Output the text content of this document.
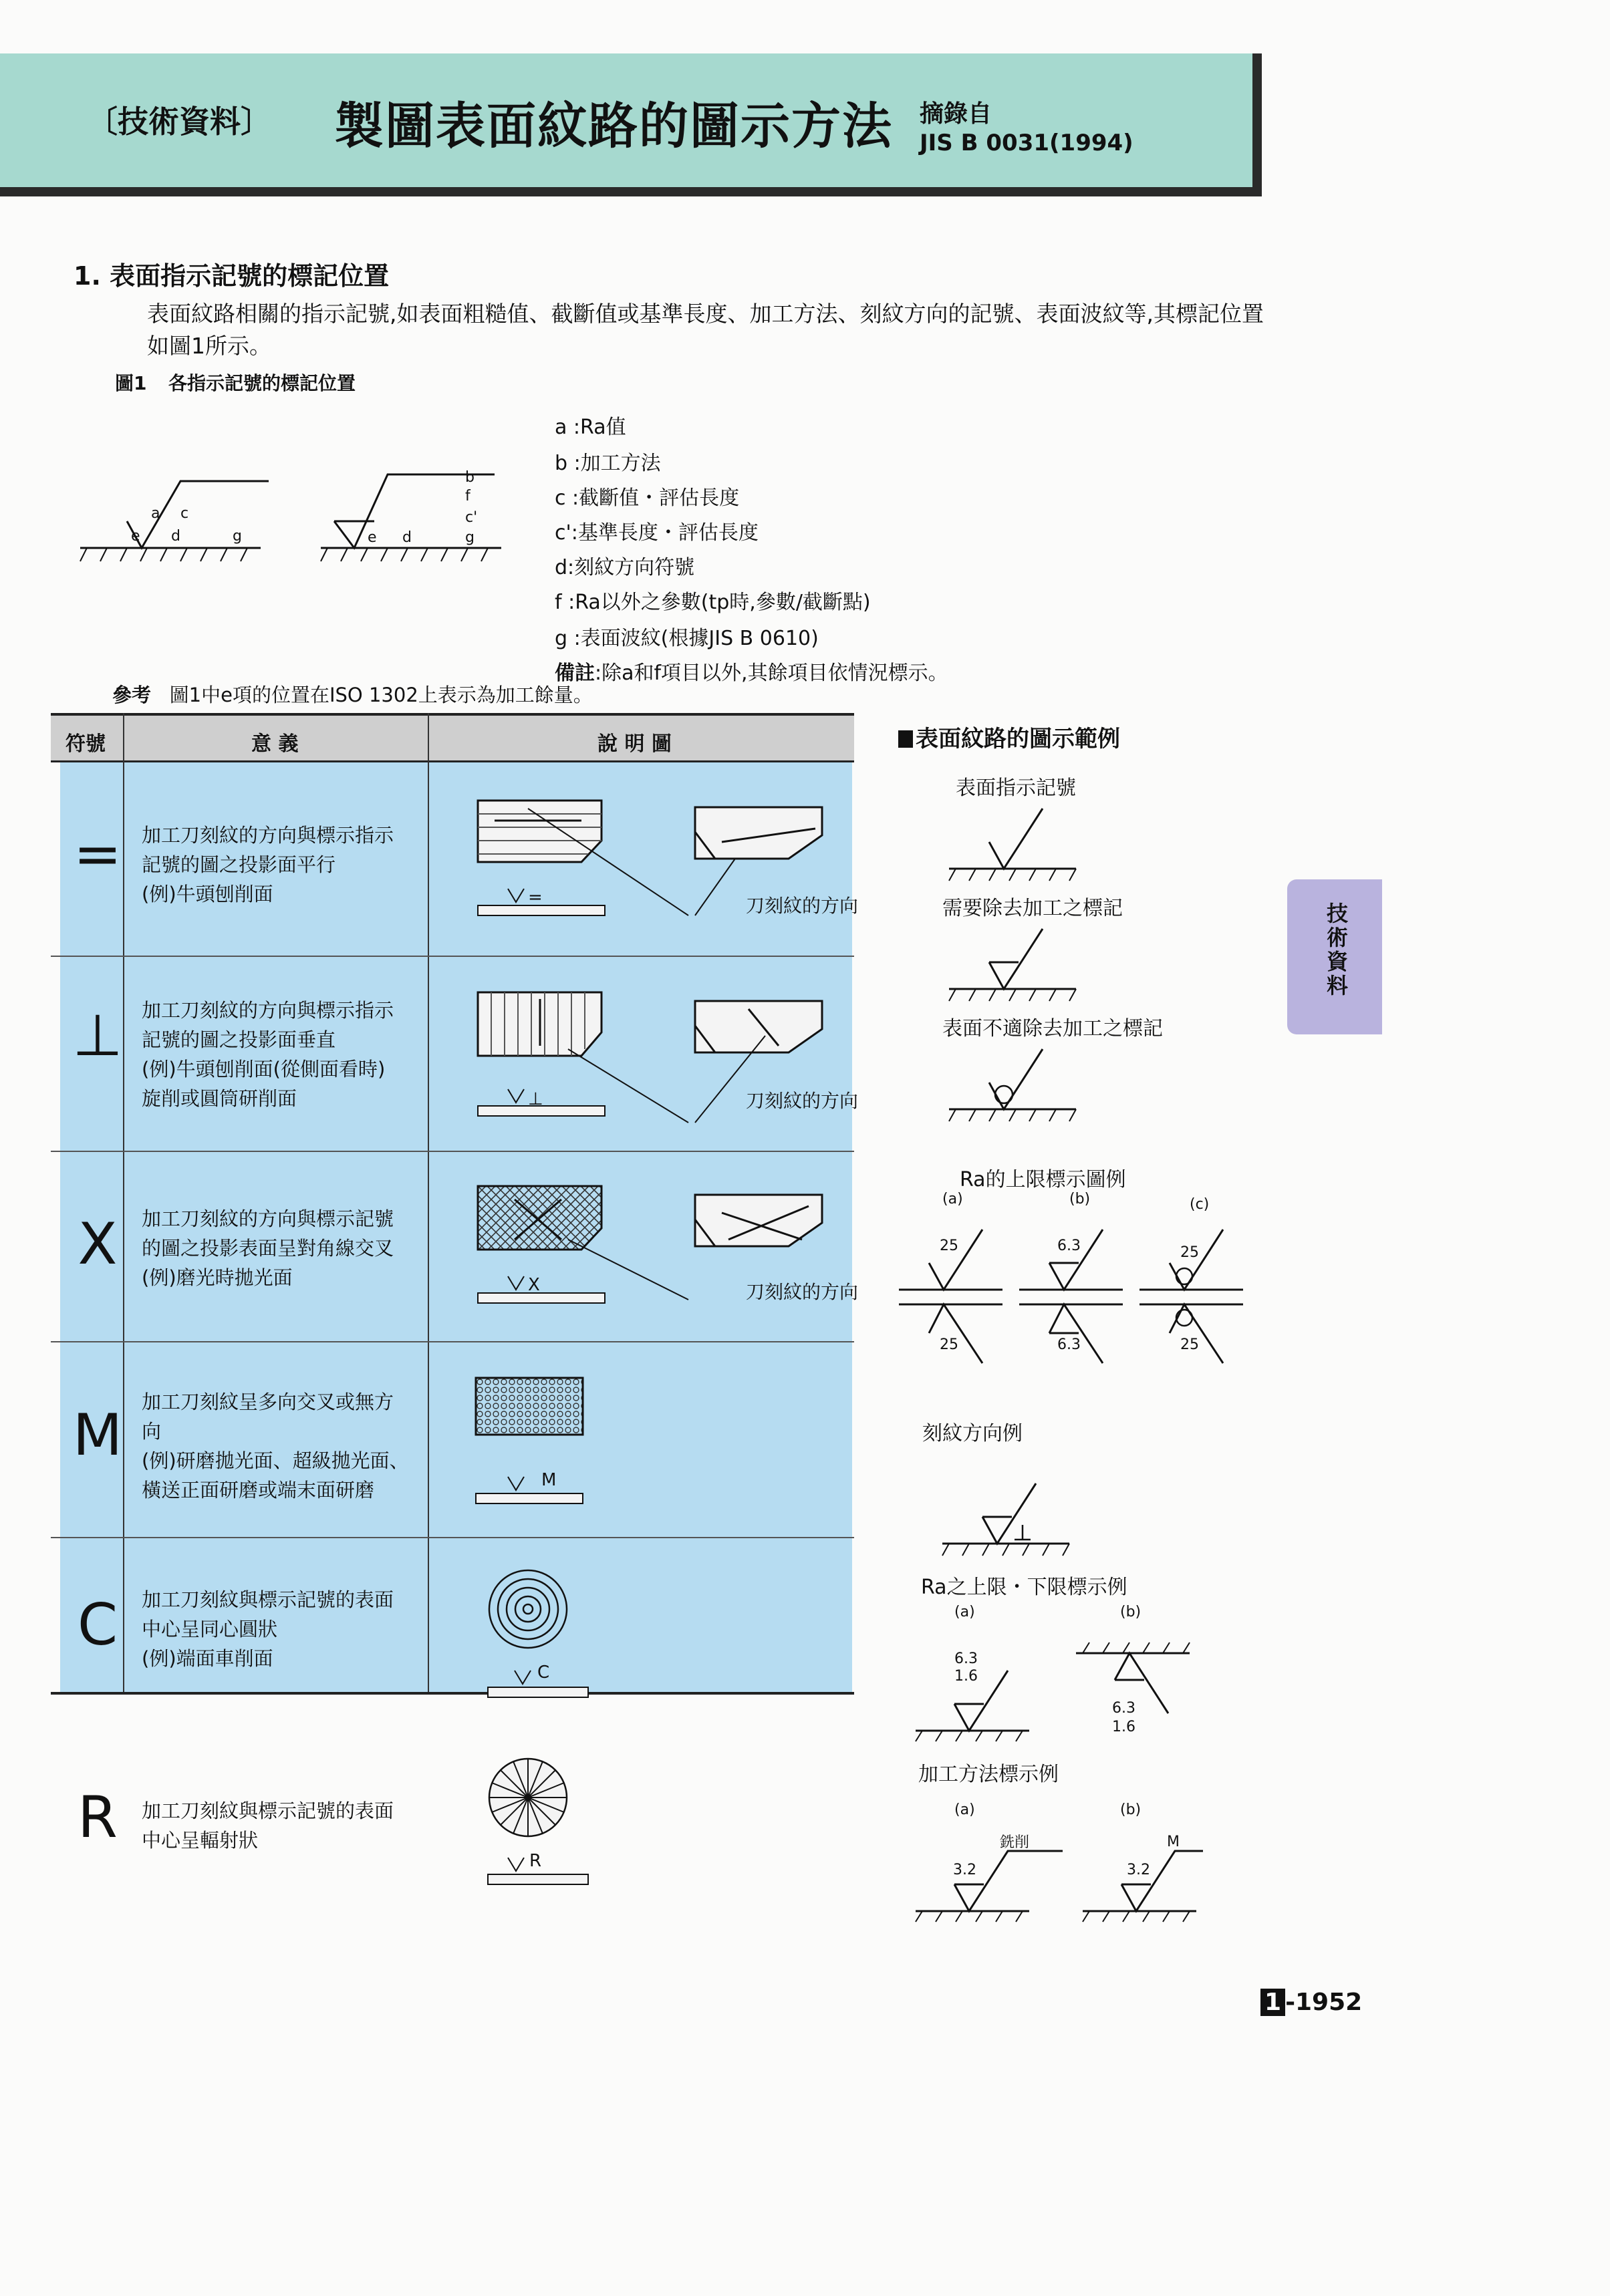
〔技術資料〕 製圖表面紋路的圖示方法 摘錄自
JIS B 0031(1994)
1. 表面指示記號的標記位置
表面紋路相關的指示記號,如表面粗糙值、截斷值或基準長度、加工方法、刻紋方向的記號、表面波紋等,其標記位置如圖1所示。
圖1 各指示記號的標記位置
a c
e d	g
b
f
c'
e d	g
a :Ra值
b :加工方法
c :截斷值・評估長度
c':基準長度・評估長度
d:刻紋方向符號
f :Ra以外之參數(tp時,參數/截斷點)
g :表面波紋(根據JIS B 0610)
備註:除a和f項目以外,其餘項目依情況標示。
參考 圖1中e項的位置在ISO 1302上表示為加工餘量。
符號	意 義	說 明 圖
=	加工刀刻紋的方向與標示指示
記號的圖之投影面平行
(例)牛頭刨削面	=	刀刻紋的方向
⊥ 加工刀刻紋的方向與標示指示
記號的圖之投影面垂直
(例)牛頭刨削面(從側面看時)
旋削或圓筒研削面	⊥	刀刻紋的方向
X	加工刀刻紋的方向與標示記號
的圖之投影表面呈對角線交叉
(例)磨光時拋光面	X	刀刻紋的方向
M 加工刀刻紋呈多向交叉或無方
向
(例)研磨拋光面、超級拋光面、
橫送正面研磨或端末面研磨	M
C	加工刀刻紋與標示記號的表面
中心呈同心圓狀
(例)端面車削面
C
R	加工刀刻紋與標示記號的表面
中心呈輻射狀
R
表面紋路的圖示範例
表面指示記號
需要除去加工之標記
表面不適除去加工之標記
Ra的上限標示圖例
(a)	(b)	(c)
25	6.3	25
25	6.3	25
刻紋方向例
Ra之上限・下限標示例
(a)	(b)
6.3
1.6
6.3
1.6
加工方法標示例
(a)	(b)
銑削	M
3.2	3.2
技術資料
1 -1952
